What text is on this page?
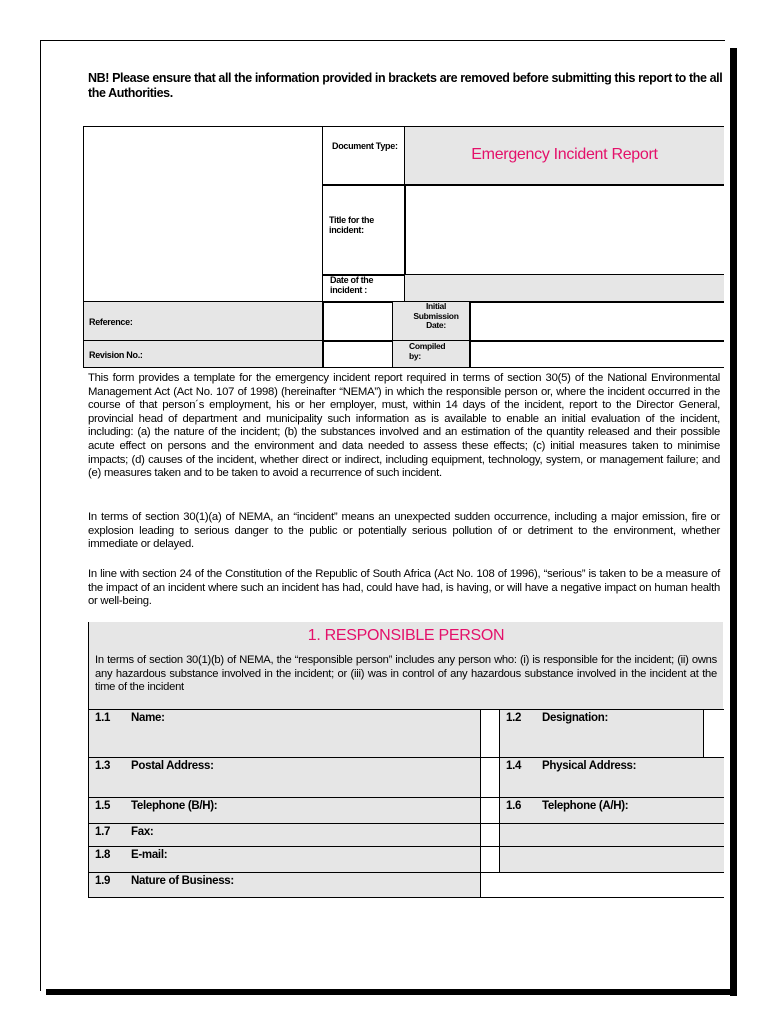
NB! Please ensure that all the information provided in brackets are removed before submitting this report to the all the Authorities.
Document Type:	Emergency Incident Report
Title for the incident:
Date of the incident :
Reference:
Initial Submission Date:
Revision No.:
Compiled by:
This form provides a template for the emergency incident report required in terms of section 30(5) of the National Environmental Management Act (Act No. 107 of 1998) (hereinafter “NEMA”) in which the responsible person or, where the incident occurred in the course of that person´s employment, his or her employer, must, within 14 days of the incident, report to the Director General, provincial head of department and municipality such information as is available to enable an initial evaluation of the incident, including: (a) the nature of the incident; (b) the substances involved and an estimation of the quantity released and their possible acute effect on persons and the environment and data needed to assess these effects; (c) initial measures taken to minimise impacts; (d) causes of the incident, whether direct or indirect, including equipment, technology, system, or management failure; and (e) measures taken and to be taken to avoid a recurrence of such incident.
In terms of section 30(1)(a) of NEMA, an “incident” means an unexpected sudden occurrence, including a major emission, fire or explosion leading to serious danger to the public or potentially serious pollution of or detriment to the environment, whether immediate or delayed.
In line with section 24 of the Constitution of the Republic of South Africa (Act No. 108 of 1996), “serious” is taken to be a measure of the impact of an incident where such an incident has had, could have had, is having, or will have a negative impact on human health or well-being.
1. RESPONSIBLE PERSON
In terms of section 30(1)(b) of NEMA, the “responsible person” includes any person who: (i) is responsible for the incident; (ii) owns any hazardous substance involved in the incident; or (iii) was in control of any hazardous substance involved in the incident at the time of the incident
1.1 Name:	1.2 Designation:
1.3 Postal Address:	1.4 Physical Address:
1.5 Telephone (B/H):	1.6 Telephone (A/H):
1.7 Fax:
1.8 E-mail:
1.9 Nature of Business:
